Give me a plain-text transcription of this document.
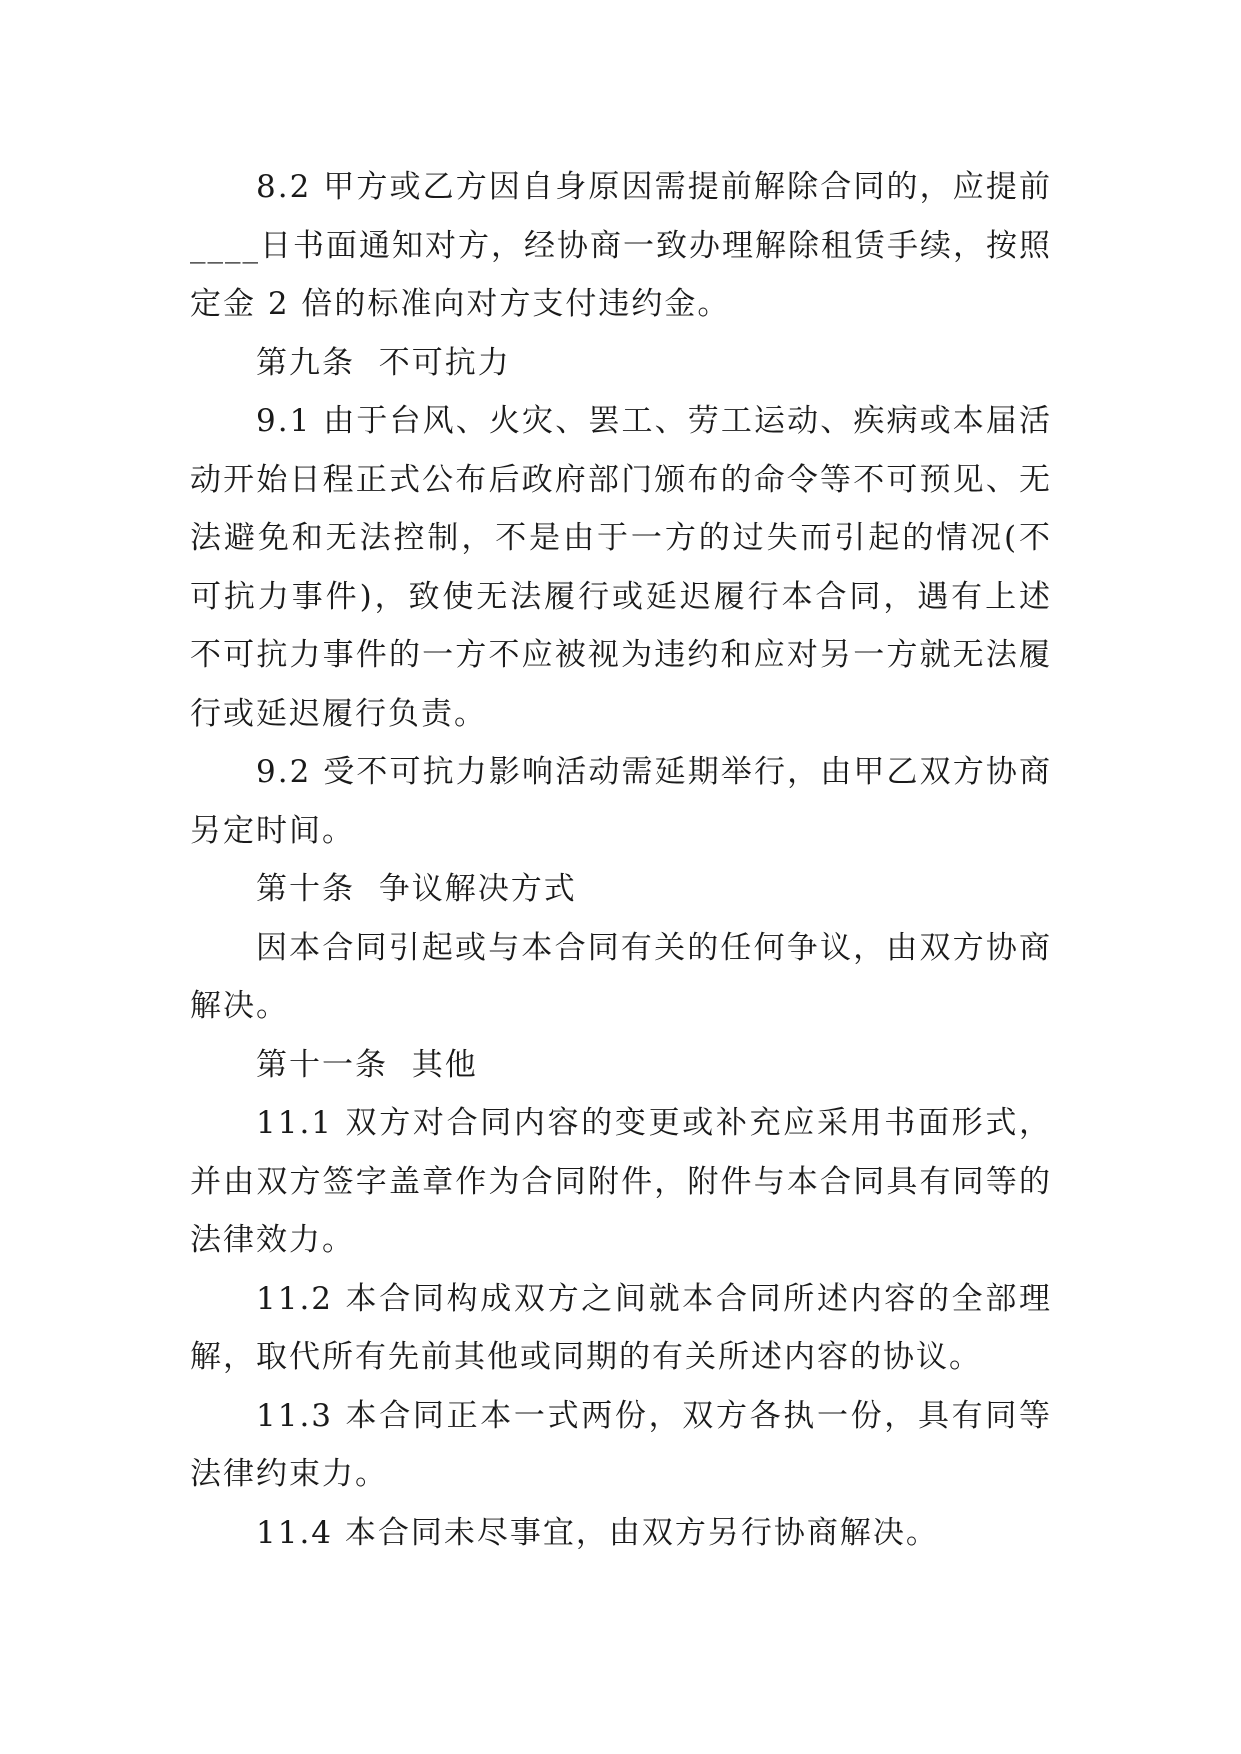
8.2 甲方或乙方因自身原因需提前解除合同的，应提前____日书面通知对方，经协商一致办理解除租赁手续，按照定金 2 倍的标准向对方支付违约金。

第九条  不可抗力

9.1 由于台风、火灾、罢工、劳工运动、疾病或本届活动开始日程正式公布后政府部门颁布的命令等不可预见、无法避免和无法控制，不是由于一方的过失而引起的情况(不可抗力事件)，致使无法履行或延迟履行本合同，遇有上述不可抗力事件的一方不应被视为违约和应对另一方就无法履行或延迟履行负责。

9.2 受不可抗力影响活动需延期举行，由甲乙双方协商另定时间。

第十条  争议解决方式

因本合同引起或与本合同有关的任何争议，由双方协商解决。

第十一条  其他

11.1 双方对合同内容的变更或补充应采用书面形式，并由双方签字盖章作为合同附件，附件与本合同具有同等的法律效力。

11.2 本合同构成双方之间就本合同所述内容的全部理解，取代所有先前其他或同期的有关所述内容的协议。

11.3 本合同正本一式两份，双方各执一份，具有同等法律约束力。

11.4 本合同未尽事宜，由双方另行协商解决。
